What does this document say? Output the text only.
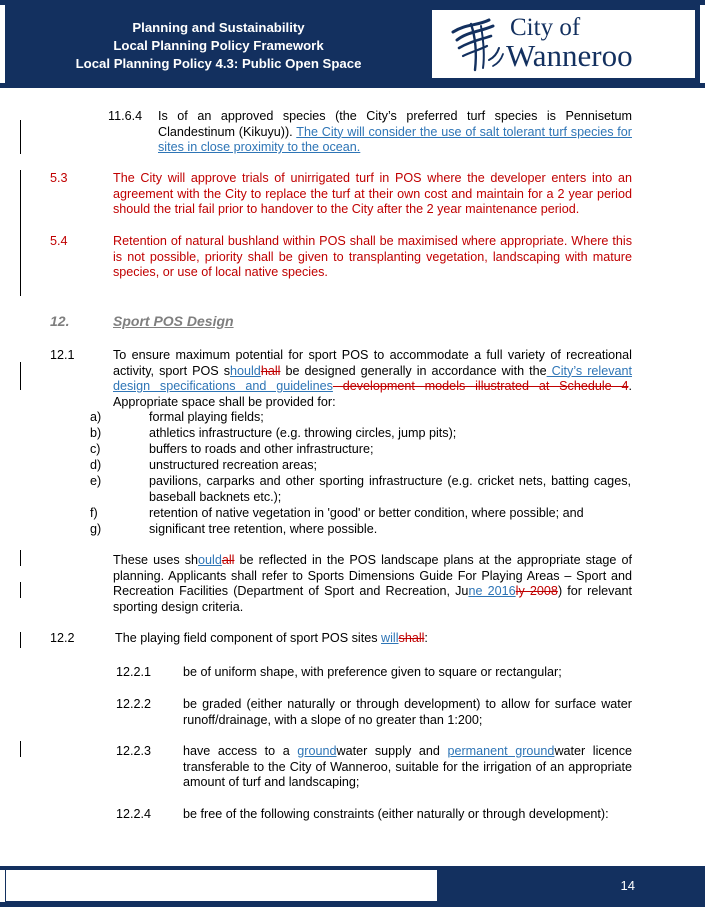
Planning and Sustainability
Local Planning Policy Framework
Local Planning Policy 4.3: Public Open Space
City of
Wanneroo
11.6.4 Is of an approved species (the City’s preferred turf species is Pennisetum Clandestinum (Kikuyu)). The City will consider the use of salt tolerant turf species for sites in close proximity to the ocean.
5.3	The City will approve trials of unirrigated turf in POS where the developer enters into an agreement with the City to replace the turf at their own cost and maintain for a 2 year period should the trial fail prior to handover to the City after the 2 year maintenance period.
5.4	Retention of natural bushland within POS shall be maximised where appropriate. Where this is not possible, priority shall be given to transplanting vegetation, landscaping with mature species, or use of local native species.
12.	Sport POS Design
12.1	To ensure maximum potential for sport POS to accommodate a full variety of recreational activity, sport POS shouldhall be designed generally in accordance with the City’s relevant design specifications and guidelines development models illustrated at Schedule 4. Appropriate space shall be provided for:
a)	formal playing fields;
b)	athletics infrastructure (e.g. throwing circles, jump pits);
c)	buffers to roads and other infrastructure;
d)	unstructured recreation areas;
e)	pavilions, carparks and other sporting infrastructure (e.g. cricket nets, batting cages, baseball backnets etc.);
f)	retention of native vegetation in 'good' or better condition, where possible; and
g)	significant tree retention, where possible.
These uses shouldall be reflected in the POS landscape plans at the appropriate stage of planning. Applicants shall refer to Sports Dimensions Guide For Playing Areas – Sport and Recreation Facilities (Department of Sport and Recreation, June 2016ly 2008) for relevant sporting design criteria.
12.2	The playing field component of sport POS sites willshall:
12.2.1	be of uniform shape, with preference given to square or rectangular;
12.2.2	be graded (either naturally or through development) to allow for surface water runoff/drainage, with a slope of no greater than 1:200;
12.2.3	have access to a groundwater supply and permanent groundwater licence transferable to the City of Wanneroo, suitable for the irrigation of an appropriate amount of turf and landscaping;
12.2.4	be free of the following constraints (either naturally or through development):
14
